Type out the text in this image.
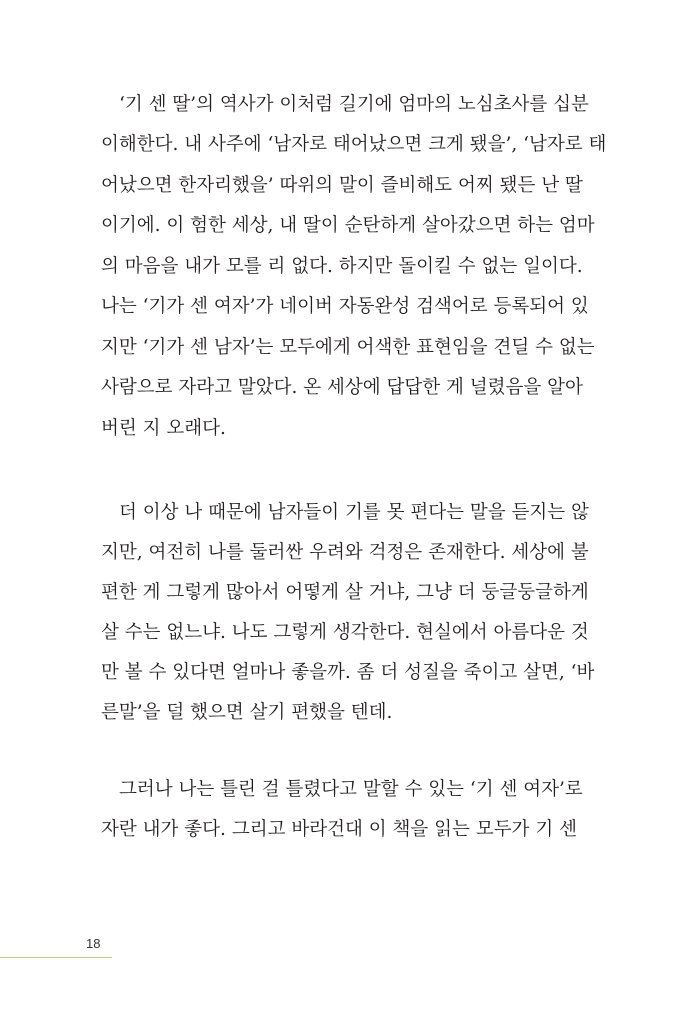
‘기 센 딸’의 역사가 이처럼 길기에 엄마의 노심초사를 십분
이해한다. 내 사주에 ‘남자로 태어났으면 크게 됐을’, ‘남자로 태
어났으면 한자리했을’ 따위의 말이 즐비해도 어찌 됐든 난 딸
이기에. 이 험한 세상, 내 딸이 순탄하게 살아갔으면 하는 엄마
의 마음을 내가 모를 리 없다. 하지만 돌이킬 수 없는 일이다.
나는 ‘기가 센 여자’가 네이버 자동완성 검색어로 등록되어 있
지만 ‘기가 센 남자’는 모두에게 어색한 표현임을 견딜 수 없는
사람으로 자라고 말았다. 온 세상에 답답한 게 널렸음을 알아
버린 지 오래다.
더 이상 나 때문에 남자들이 기를 못 편다는 말을 듣지는 않
지만, 여전히 나를 둘러싼 우려와 걱정은 존재한다. 세상에 불
편한 게 그렇게 많아서 어떻게 살 거냐, 그냥 더 둥글둥글하게
살 수는 없느냐. 나도 그렇게 생각한다. 현실에서 아름다운 것
만 볼 수 있다면 얼마나 좋을까. 좀 더 성질을 죽이고 살면, ‘바
른말’을 덜 했으면 살기 편했을 텐데.
그러나 나는 틀린 걸 틀렸다고 말할 수 있는 ‘기 센 여자’로
자란 내가 좋다. 그리고 바라건대 이 책을 읽는 모두가 기 센
18
